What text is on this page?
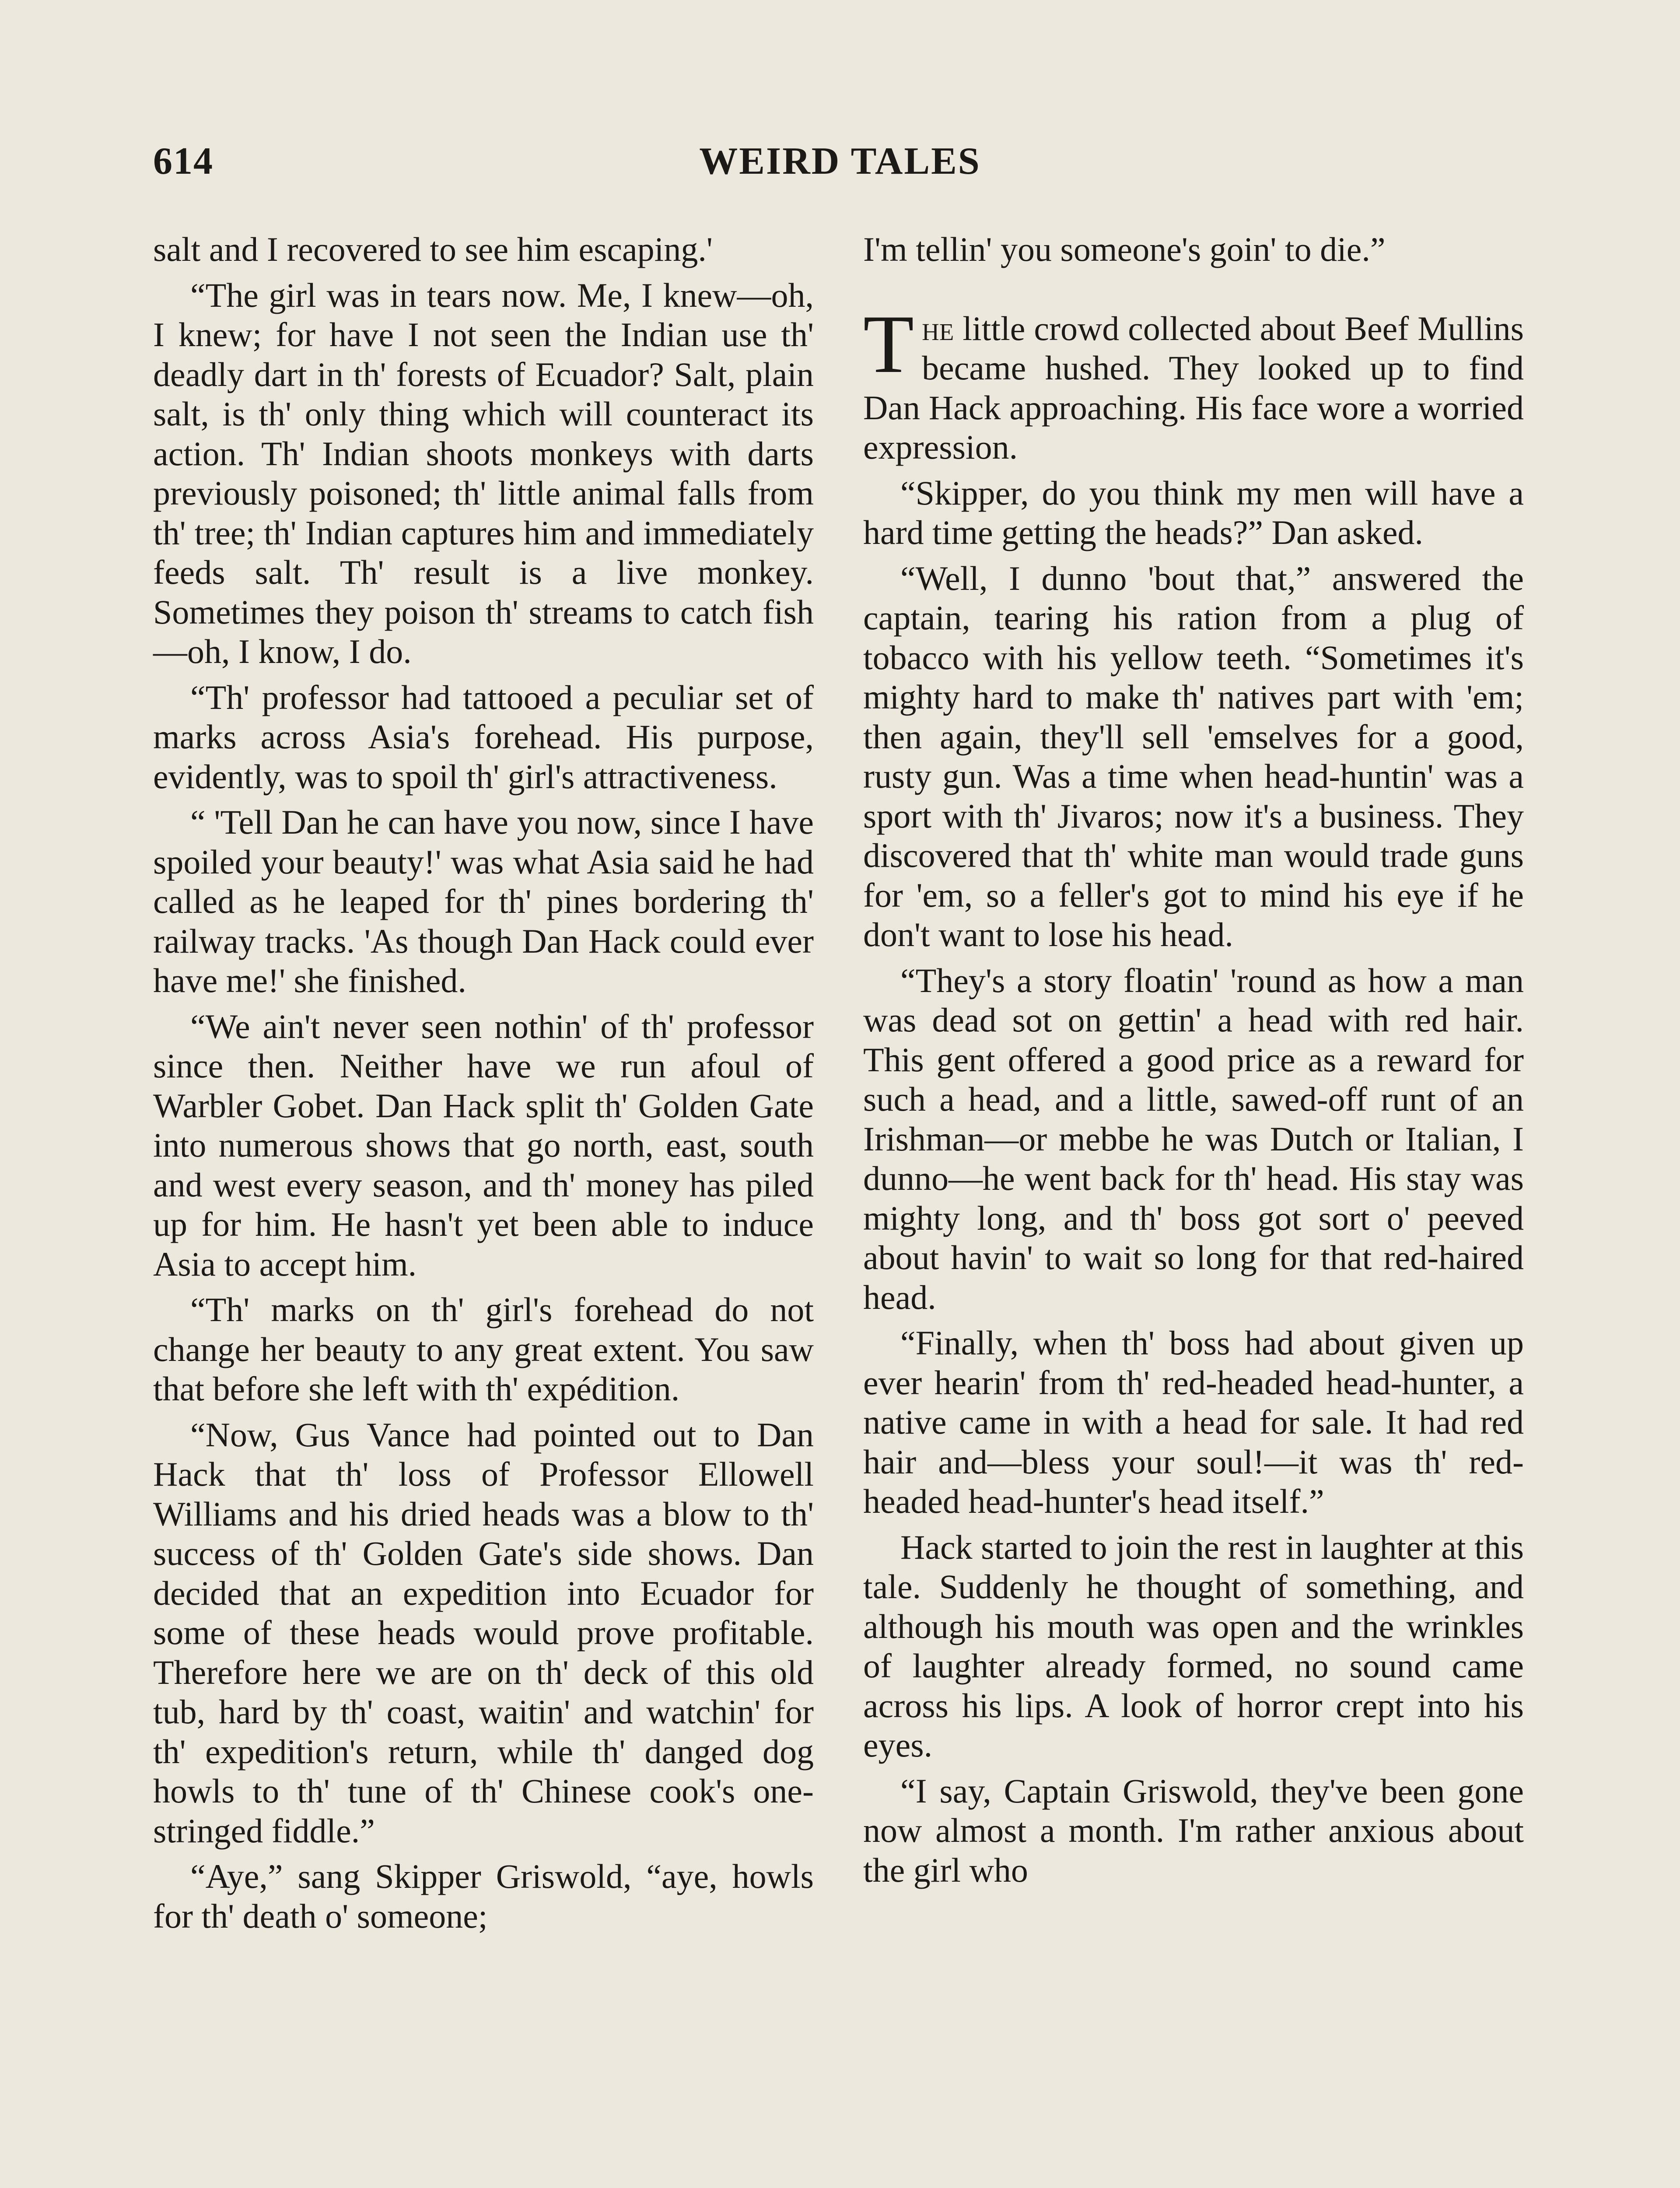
614	WEIRD TALES

salt and I recovered to see him escaping.'

“The girl was in tears now. Me, I knew—oh, I knew; for have I not seen the Indian use th' deadly dart in th' forests of Ecuador? Salt, plain salt, is th' only thing which will counteract its action. Th' Indian shoots monkeys with darts previously poisoned; th' little animal falls from th' tree; th' Indian captures him and immediately feeds salt. Th' result is a live monkey. Sometimes they poison th' streams to catch fish—oh, I know, I do.

“Th' professor had tattooed a peculiar set of marks across Asia's forehead. His purpose, evidently, was to spoil th' girl's attractiveness.

“ 'Tell Dan he can have you now, since I have spoiled your beauty!' was what Asia said he had called as he leaped for th' pines bordering th' railway tracks. 'As though Dan Hack could ever have me!' she finished.

“We ain't never seen nothin' of th' professor since then. Neither have we run afoul of Warbler Gobet. Dan Hack split th' Golden Gate into numerous shows that go north, east, south and west every season, and th' money has piled up for him. He hasn't yet been able to induce Asia to accept him.

“Th' marks on th' girl's forehead do not change her beauty to any great extent. You saw that before she left with th' expédition.

“Now, Gus Vance had pointed out to Dan Hack that th' loss of Professor Ellowell Williams and his dried heads was a blow to th' success of th' Golden Gate's side shows. Dan decided that an expedition into Ecuador for some of these heads would prove profitable. Therefore here we are on th' deck of this old tub, hard by th' coast, waitin' and watchin' for th' expedition's return, while th' danged dog howls to th' tune of th' Chinese cook's one-stringed fiddle.”

“Aye,” sang Skipper Griswold, “aye, howls for th' death o' someone;

I'm tellin' you someone's goin' to die.”

The little crowd collected about Beef Mullins became hushed. They looked up to find Dan Hack approaching. His face wore a worried expression.

“Skipper, do you think my men will have a hard time getting the heads?” Dan asked.

“Well, I dunno 'bout that,” answered the captain, tearing his ration from a plug of tobacco with his yellow teeth. “Sometimes it's mighty hard to make th' natives part with 'em; then again, they'll sell 'emselves for a good, rusty gun. Was a time when head-huntin' was a sport with th' Jivaros; now it's a business. They discovered that th' white man would trade guns for 'em, so a feller's got to mind his eye if he don't want to lose his head.

“They's a story floatin' 'round as how a man was dead sot on gettin' a head with red hair. This gent offered a good price as a reward for such a head, and a little, sawed-off runt of an Irishman—or mebbe he was Dutch or Italian, I dunno—he went back for th' head. His stay was mighty long, and th' boss got sort o' peeved about havin' to wait so long for that red-haired head.

“Finally, when th' boss had about given up ever hearin' from th' red-headed head-hunter, a native came in with a head for sale. It had red hair and—bless your soul!—it was th' red-headed head-hunter's head itself.”

Hack started to join the rest in laughter at this tale. Suddenly he thought of something, and although his mouth was open and the wrinkles of laughter already formed, no sound came across his lips. A look of horror crept into his eyes.

“I say, Captain Griswold, they've been gone now almost a month. I'm rather anxious about the girl who
